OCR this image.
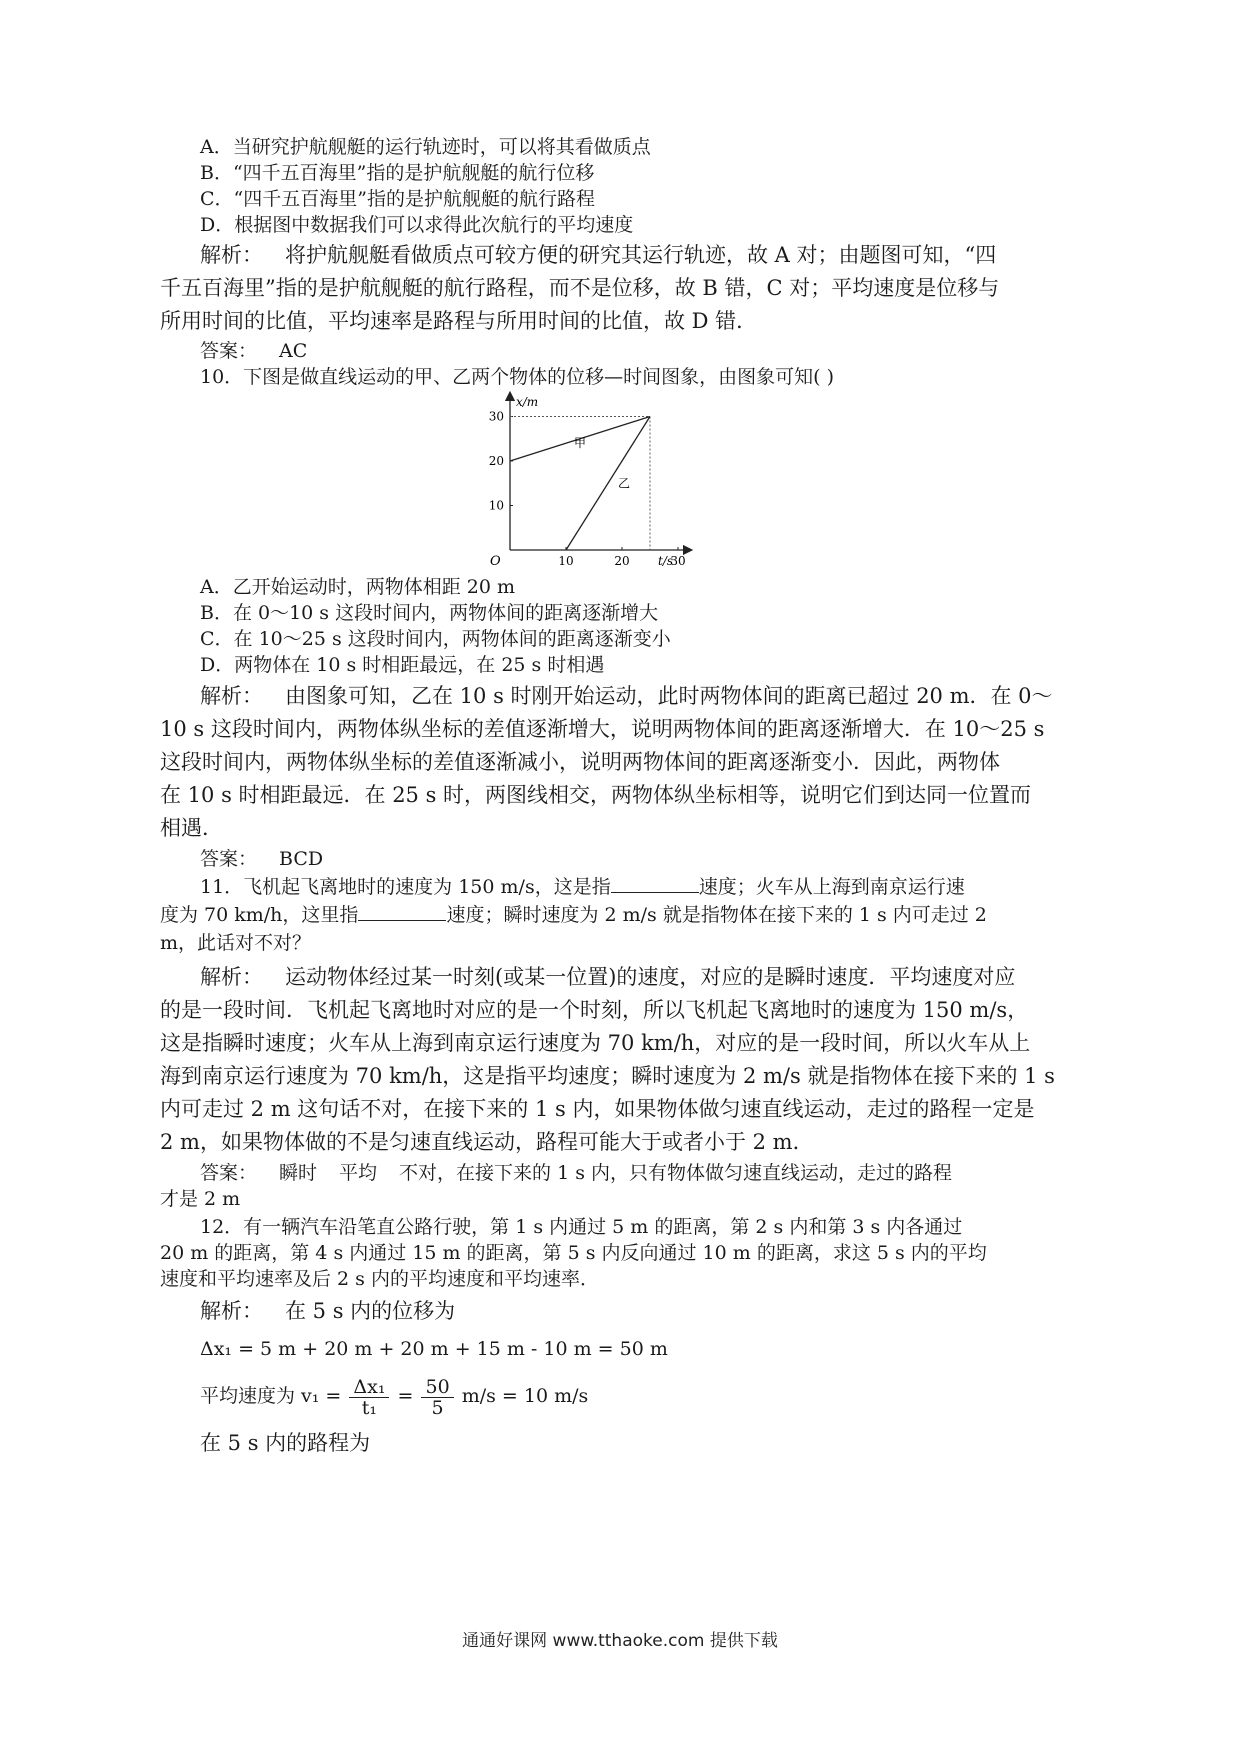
A．当研究护航舰艇的运行轨迹时，可以将其看做质点
B．“四千五百海里”指的是护航舰艇的航行位移
C．“四千五百海里”指的是护航舰艇的航行路程
D．根据图中数据我们可以求得此次航行的平均速度
解析： 将护航舰艇看做质点可较方便的研究其运行轨迹，故 A 对；由题图可知，“四
千五百海里”指的是护航舰艇的航行路程，而不是位移，故 B 错，C 对；平均速度是位移与
所用时间的比值，平均速率是路程与所用时间的比值，故 D 错．
答案： AC
10．下图是做直线运动的甲、乙两个物体的位移—时间图象，由图象可知( )
x/m
t/s
O	10	20	30
10
20
30
甲
乙
A．乙开始运动时，两物体相距 20 m
B．在 0～10 s 这段时间内，两物体间的距离逐渐增大
C．在 10～25 s 这段时间内，两物体间的距离逐渐变小
D．两物体在 10 s 时相距最远，在 25 s 时相遇
解析： 由图象可知，乙在 10 s 时刚开始运动，此时两物体间的距离已超过 20 m．在 0～
10 s 这段时间内，两物体纵坐标的差值逐渐增大，说明两物体间的距离逐渐增大．在 10～25 s
这段时间内，两物体纵坐标的差值逐渐减小，说明两物体间的距离逐渐变小．因此，两物体
在 10 s 时相距最远．在 25 s 时，两图线相交，两物体纵坐标相等，说明它们到达同一位置而
相遇．
答案： BCD
11．飞机起飞离地时的速度为 150 m/s，这是指	速度；火车从上海到南京运行速
度为 70 km/h，这里指	速度；瞬时速度为 2 m/s 就是指物体在接下来的 1 s 内可走过 2
m，此话对不对？
解析： 运动物体经过某一时刻(或某一位置)的速度，对应的是瞬时速度．平均速度对应
的是一段时间．飞机起飞离地时对应的是一个时刻，所以飞机起飞离地时的速度为 150 m/s，
这是指瞬时速度；火车从上海到南京运行速度为 70 km/h，对应的是一段时间，所以火车从上
海到南京运行速度为 70 km/h，这是指平均速度；瞬时速度为 2 m/s 就是指物体在接下来的 1 s
内可走过 2 m 这句话不对，在接下来的 1 s 内，如果物体做匀速直线运动，走过的路程一定是
2 m，如果物体做的不是匀速直线运动，路程可能大于或者小于 2 m．
答案： 瞬时 平均 不对，在接下来的 1 s 内，只有物体做匀速直线运动，走过的路程
才是 2 m
12．有一辆汽车沿笔直公路行驶，第 1 s 内通过 5 m 的距离，第 2 s 内和第 3 s 内各通过
20 m 的距离，第 4 s 内通过 15 m 的距离，第 5 s 内反向通过 10 m 的距离，求这 5 s 内的平均
速度和平均速率及后 2 s 内的平均速度和平均速率．
解析： 在 5 s 内的位移为
Δx₁ = 5 m + 20 m + 20 m + 15 m - 10 m = 50 m
平均速度为 $v_1 = \frac{\text{Δx₁}}{\text{t₁}} = \frac{50}{5} m/s = 10$ m/s
在 5 s 内的路程为
通通好课网 www.tthaoke.com 提供下载
